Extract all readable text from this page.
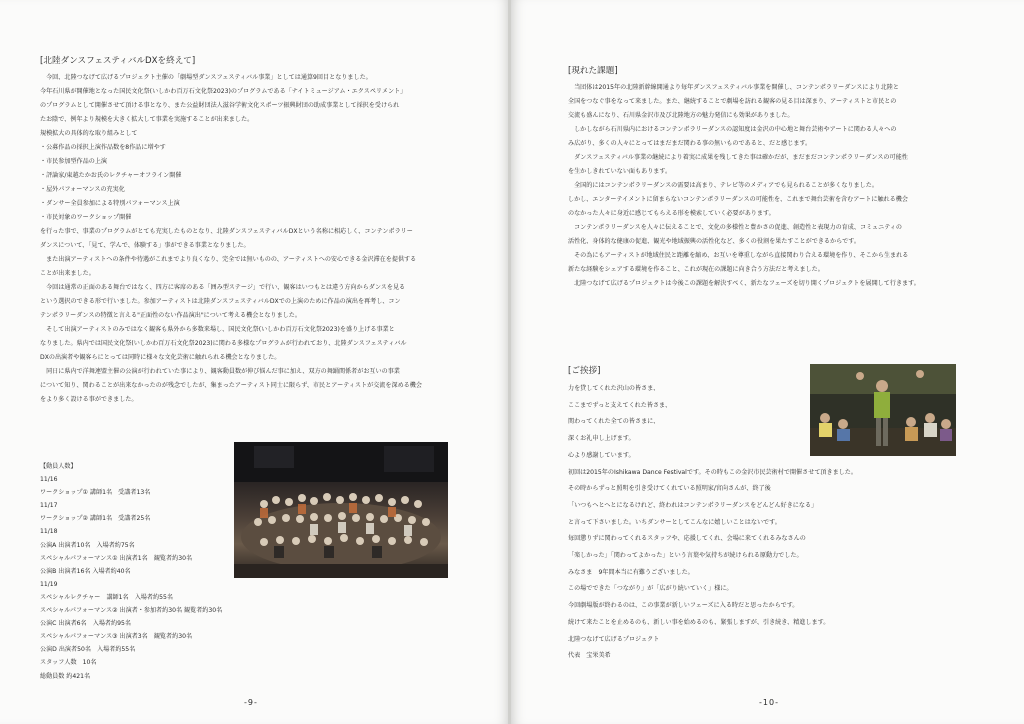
[北陸ダンスフェスティバルDXを終えて]

今回、北陸つなげて広げるプロジェクト主催の「劇場型ダンスフェスティバル事業」としては通算9回目となりました。

今年石川県が開催地となった国民文化祭(いしかわ百万石文化祭2023)のプログラムである「ナイトミュージアム・エクスペリメント」

のプログラムとして開催させて頂ける事となり、また公益財団法人滋谷学術文化スポーツ振興財団の助成事業として採択を受けられ

たお陰で、例年より規模を大きく拡大して事業を実施することが出来ました。

規模拡大の具体的な取り組みとして

・公募作品の採択上演作品数を8作品に増やす

・市民参加型作品の上演

・評論家/東越たかお氏のレクチャーオフライン開催

・屋外パフォーマンスの充実化

・ダンサー全員参加による特別パフォーマンス上演

・市民対象のワークショップ開催

を行った事で、事業のプログラムがとても充実したものとなり、北陸ダンスフェスティバルDXという名称に相応しく、コンテンポラリー

ダンスについて、「見て、学んで、体験する」事ができる事業となりました。

また出演アーティストへの条件や待遇がこれまでより良くなり、完全では無いものの、アーティストへの安心できる金沢滞在を提供する

ことが出来ました。

今回は通常の正面のある舞台ではなく、四方に客席のある「囲み型ステージ」で行い、観客はいつもとは違う方向からダンスを見る

という選択のできる形で行いました。参加アーティストは北陸ダンスフェスティバルDXでの上演のために作品の演出を再考し、コン

テンポラリーダンスの特徴と言える"正面性のない作品演出"について考える機会となりました。

そして出演アーティストのみではなく観客も県外から多数来場し、国民文化祭(いしかわ百万石文化祭2023)を盛り上げる事業と

なりました。県内では国民文化祭(いしかわ百万石文化祭2023)に関わる多様なプログラムが行われており、北陸ダンスフェスティバル

DXの出演者や観客らにとっては同時に様々な文化芸術に触れられる機会となりました。

同日に県内で洋舞連盟主催の公演が行われていた事により、観客動員数が伸び悩んだ事に加え、双方の舞踊関係者がお互いの事業

について知り、関わることが出来なかったのが残念でしたが、集まったアーティスト同士に限らず、市民とアーティストが交流を深める機会

をより多く設ける事ができました。

【動員人数】
11/16
ワークショップ① 講師1名　受講者13名
11/17
ワークショップ② 講師1名　受講者25名
11/18
公演A 出演者10名　入場者約75名
スペシャルパフォーマンス① 出演者1名　観覧者約30名
公演B 出演者16名 入場者約40名
11/19
スペシャルレクチャー　講師1名　入場者約55名
スペシャルパフォーマンス② 出演者・参加者約30名 観覧者約30名
公演C 出演者6名　入場者約95名
スペシャルパフォーマンス③ 出演者3名　観覧者約30名
公演D 出演者50名　入場者約55名
スタッフ人数　10名
総動員数 約421名
-9-
[現れた課題]

当団体は2015年の北陸新幹線開通より毎年ダンスフェスティバル事業を開催し、コンテンポラリーダンスにより北陸と

全国をつなぐ事をなって来ました。また、継続することで劇場を訪れる観客の見る目は深まり、アーティストと市民との

交流も盛んになり、石川県金沢市及び北陸地方の魅力発信にも効果がありました。

しかしながら石川県内におけるコンテンポラリーダンスの認知度は金沢の中心地と舞台芸術やアートに関わる人々への

み広がり、多くの人々にとってはまだまだ関わる事の無いものであると、だと感じます。

ダンスフェスティバル事業の継続により着実に成果を残してきた事は確かだが、まだまだコンテンポラリーダンスの可能性

を生かしきれていない面もあります。

全国的にはコンテンポラリーダンスの需要は高まり、テレビ等のメディアでも見られることが多くなりました。

しかし、エンターテイメントに留まらないコンテンポラリーダンスの可能性を、これまで舞台芸術を含むアートに触れる機会

のなかった人々に身近に感じてもらえる形を模索していく必要があります。

コンテンポラリーダンスを人々に伝えることで、文化の多様性と豊かさの促進、創造性と表現力の育成、コミュニティの

活性化、身体的な健康の促進、観光や地域振興の活性化など、多くの役割を果たすことができるからです。

その為にもアーティストが地域住民と距離を縮め、お互いを尊重しながら直接関わり合える環境を作り、そこから生まれる

新たな経験をシェアする環境を作ること、これが現在の課題に向き合う方法だと考えました。

北陸つなげて広げるプロジェクトは今後この課題を解決すべく、新たなフェーズを切り開くプロジェクトを展開して行きます。

[ご挨拶]
力を貸してくれた沢山の皆さま、
ここまでずっと支えてくれた皆さま、
関わってくれた全ての皆さまに、
深くお礼申し上げます。
心より感謝しています。
初回は2015年のIshikawa Dance Festivalです。その時もこの金沢市民芸術村で開催させて頂きました。
その時からずっと照明を引き受けてくれている照明家/宮向さんが、終了後
「いつもへとへとになるけれど、終われはコンテンポラリーダンスをどんどん好きになる」
と言って下さいました。いちダンサーとしてこんなに嬉しいことはないです。
毎回懲りずに関わってくれるスタッフや、応援してくれ、会場に来てくれるみなさんの
「楽しかった」「関わってよかった」という言葉や気持ちが続けられる原動力でした。
みなさま　9年間本当に有難うございました。
この場でできた「つながり」が「広がり続いていく」様に。
今回劇場版が終わるのは、この事業が新しいフェーズに入る時だと思ったからです。
続けて来たことを止めるのも、新しい事を始めるのも、緊張しますが、引き続き、精進します。
北陸つなげて広げるプロジェクト
代表　宝栄美希
-10-
